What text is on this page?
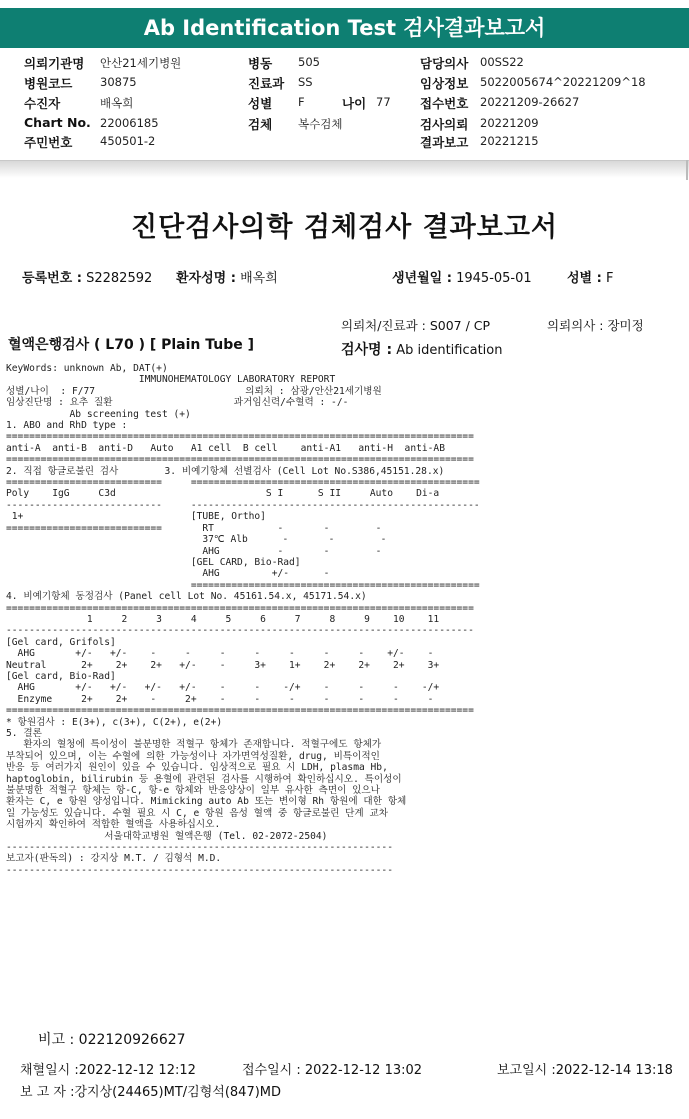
Ab Identification Test 검사결과보고서
의뢰기관명 안산21세기병원
병원코드 30875
수진자	배옥희
Chart No. 22006185
주민번호 450501-2
병동 505
진료과 SS
성별 F	나이 77
검체 복수검체
담당의사 00SS22
임상정보 5022005674^20221209^18
접수번호 20221209-26627
검사의뢰 20221209
결과보고 20221215
진단검사의학 검체검사 결과보고서
등록번호 : S2282592 환자성명 : 배옥희	생년월일 : 1945-05-01	성별 : F
의뢰처/진료과 : S007 / CP	의뢰의사 : 장미정
혈액은행검사 ( L70 ) [ Plain Tube ]	검사명 : Ab identification
KeyWords: unknown Ab, DAT(+)
IMMUNOHEMATOLOGY LABORATORY REPORT
성별/나이  : F/77                          의뢰처 : 삼광/안산21세기병원
임상진단명 : 요추 질환                     과거임신력/수혈력 : -/-
Ab screening test (+)
1. ABO and RhD type :
=================================================================================
anti-A  anti-B  anti-D   Auto   A1 cell  B cell    anti-A1   anti-H  anti-AB
=================================================================================
2. 직접 항글로불린 검사        3. 비예기항체 선별검사 (Cell Lot No.S386,45151.28.x)
===========================     ==================================================
Poly    IgG     C3d                          S I      S II     Auto    Di-a
---------------------------     --------------------------------------------------
1+                             [TUBE, Ortho]
===========================       RT           -       -        -
37℃ Alb      -       -        -
AHG          -       -        -
[GEL CARD, Bio-Rad]
AHG         +/-      -
==================================================
4. 비예기항체 동정검사 (Panel cell Lot No. 45161.54.x, 45171.54.x)
=================================================================================
1     2     3     4     5     6     7     8     9    10    11
---------------------------------------------------------------------------------
[Gel card, Grifols]
AHG       +/-   +/-    -     -     -     -     -     -     -    +/-    -
Neutral      2+    2+    2+   +/-    -     3+    1+    2+    2+    2+    3+
[Gel card, Bio-Rad]
AHG       +/-   +/-   +/-   +/-    -     -    -/+    -     -     -    -/+
Enzyme     2+    2+    -     2+    -     -     -     -     -     -     -
=================================================================================
* 항원검사 : E(3+), c(3+), C(2+), e(2+)
5. 결론
환자의 혈청에 특이성이 불분명한 적혈구 항체가 존재합니다. 적혈구에도 항체가
부착되어 있으며, 이는 수혈에 의한 가능성이나 자가면역성질환, drug, 비특이적인
반응 등 여러가지 원인이 있을 수 있습니다. 임상적으로 필요 시 LDH, plasma Hb,
haptoglobin, bilirubin 등 용혈에 관련된 검사를 시행하여 확인하십시오. 특이성이
불분명한 적혈구 항체는 항-C, 항-e 항체와 반응양상이 일부 유사한 측면이 있으나
환자는 C, e 항원 양성입니다. Mimicking auto Ab 또는 변이형 Rh 항원에 대한 항체
일 가능성도 있습니다. 수혈 필요 시 C, e 항원 음성 혈액 중 항글로불린 단계 교차
시험까지 확인하여 적합한 혈액을 사용하십시오.
서울대학교병원 혈액은행 (Tel. 02-2072-2504)
-------------------------------------------------------------------
보고자(판독의) : 강지상 M.T. / 김형석 M.D.
-------------------------------------------------------------------
비고 : 022120926627
채혈일시 :2022-12-12 12:12	접수일시 : 2022-12-12 13:02	보고일시 :2022-12-14 13:18
보 고 자 :강지상(24465)MT/김형석(847)MD
